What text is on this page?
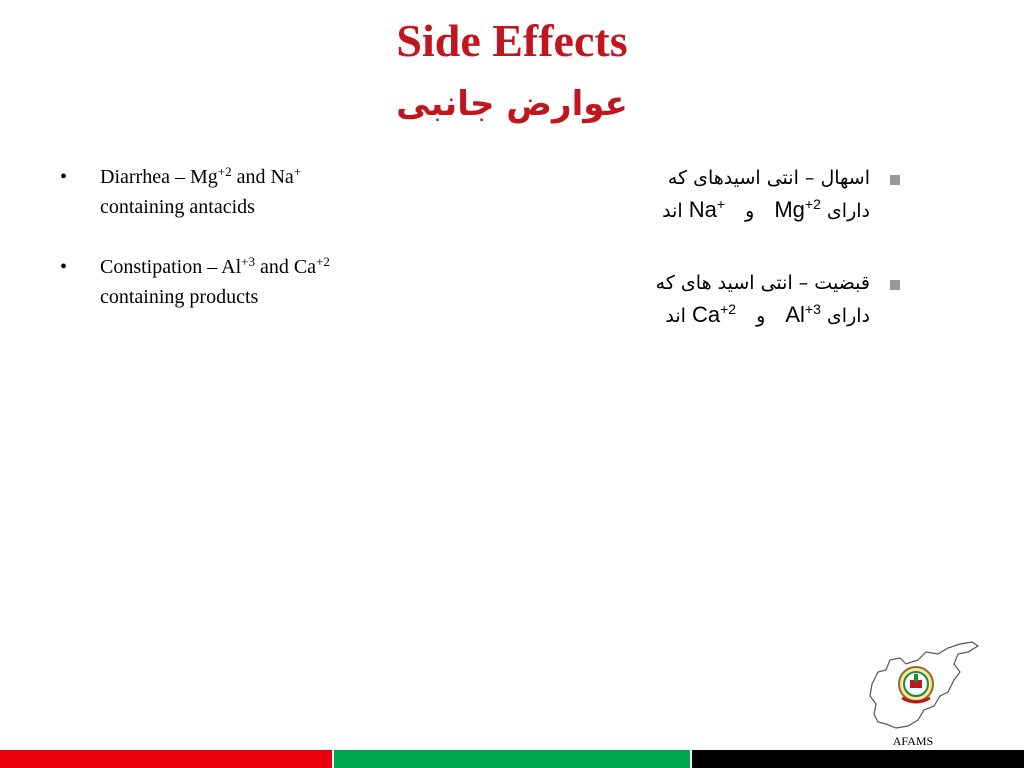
Side Effects
عوارض جانبی
• Diarrhea – $Mg^{+2}$ and Na+ containing antacids
• Constipation – $Al^{+3}$ and $Ca^{+2}$ containing products
اسهال – انتی اسیدهای که
دارای $Mg^{+2}$ و Na+ اند
قبضیت – انتی اسید های که
دارای $Al^{+3}$ و $Ca^{+2}$ اند
AFAMS
